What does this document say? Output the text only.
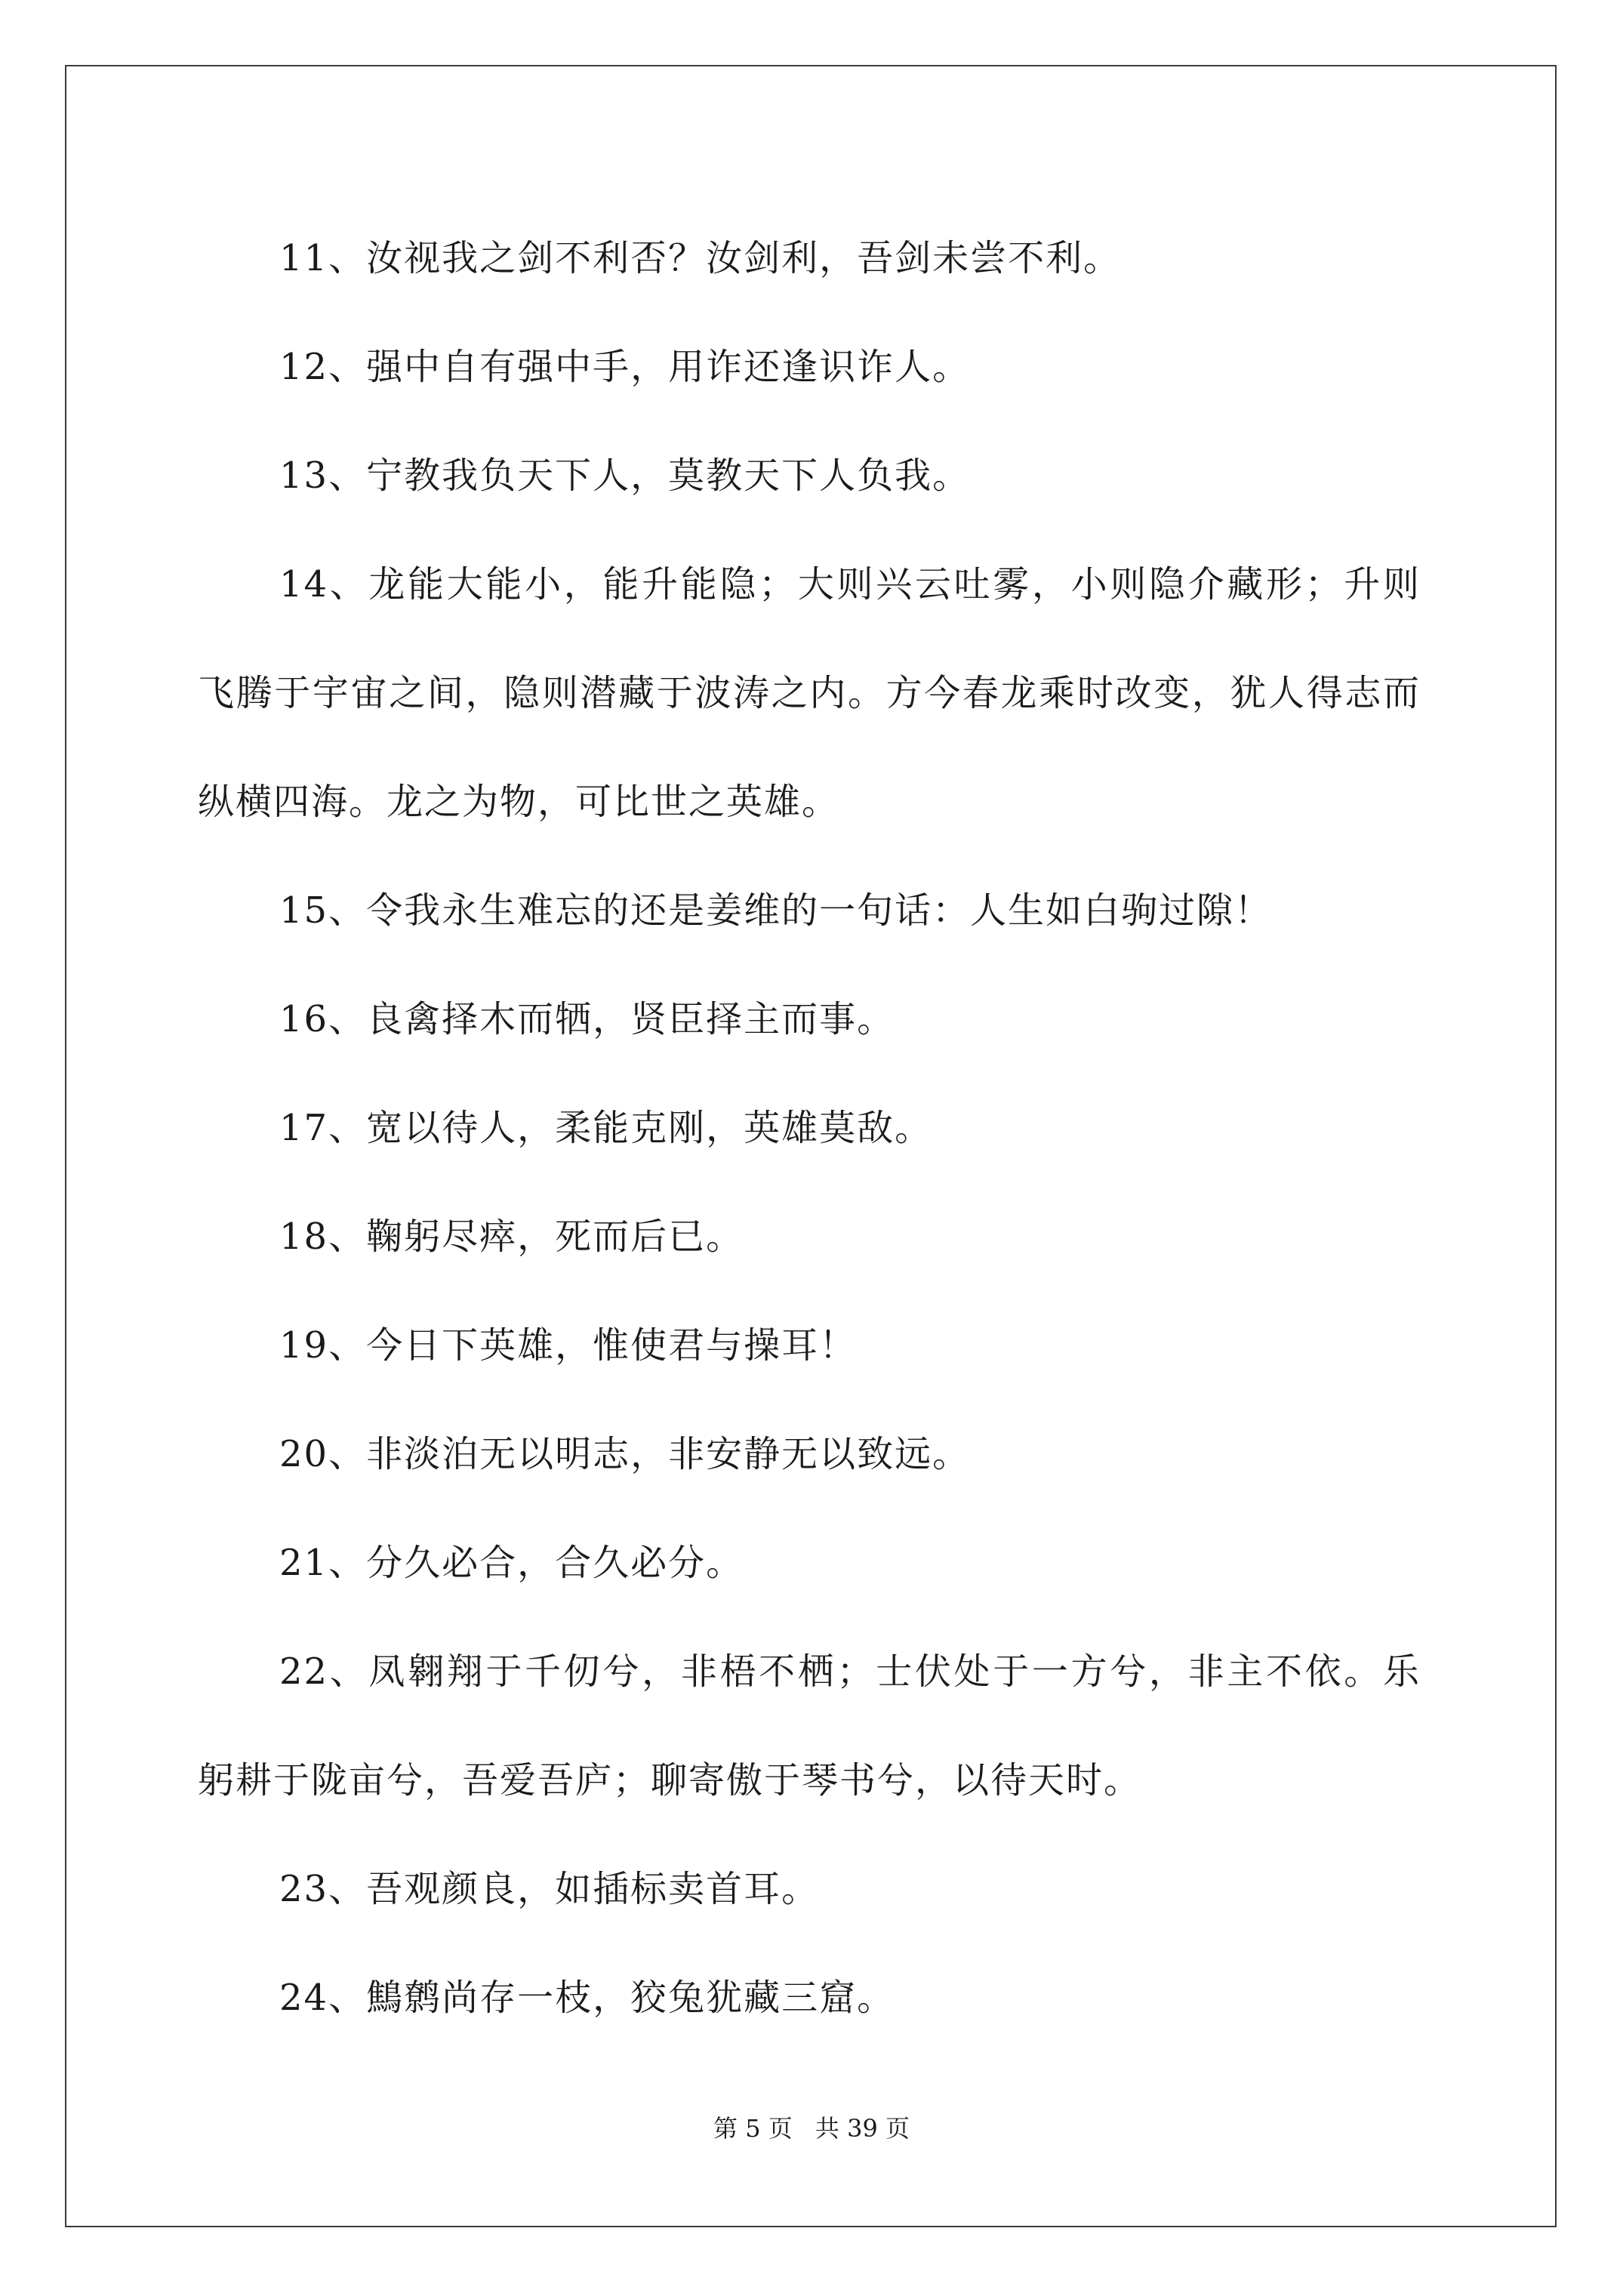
11、汝视我之剑不利否？汝剑利，吾剑未尝不利。

12、强中自有强中手，用诈还逢识诈人。

13、宁教我负天下人，莫教天下人负我。

14、龙能大能小，能升能隐；大则兴云吐雾，小则隐介藏形；升则飞腾于宇宙之间，隐则潜藏于波涛之内。方今春龙乘时改变，犹人得志而纵横四海。龙之为物，可比世之英雄。

15、令我永生难忘的还是姜维的一句话：人生如白驹过隙！

16、良禽择木而牺，贤臣择主而事。

17、宽以待人，柔能克刚，英雄莫敌。

18、鞠躬尽瘁，死而后已。

19、今日下英雄，惟使君与操耳！

20、非淡泊无以明志，非安静无以致远。

21、分久必合，合久必分。

22、凤翱翔于千仞兮，非梧不栖；士伏处于一方兮，非主不依。乐躬耕于陇亩兮，吾爱吾庐；聊寄傲于琴书兮，以待天时。

23、吾观颜良，如插标卖首耳。

24、鷦鹩尚存一枝，狡兔犹藏三窟。

第 5 页 共 39 页
